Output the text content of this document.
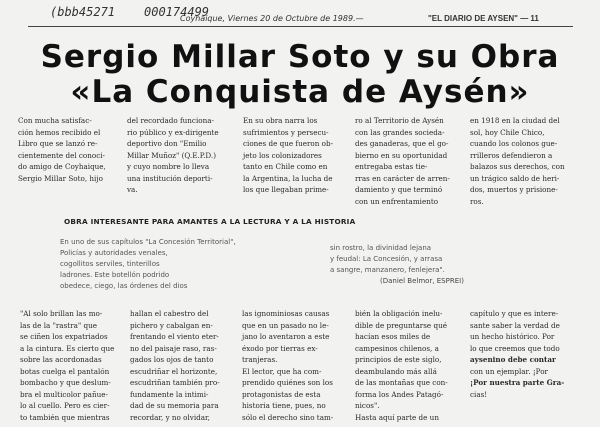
(bbb45271 000174499
Coyhaique, Viernes 20 de Octubre de 1989.—	"EL DIARIO DE AYSEN" — 11
Sergio Millar Soto y su Obra
«La Conquista de Aysén»

Con mucha satisfac-

ción hemos recibido el

Libro que se lanzó re-

cientemente del conoci-

do amigo de Coyhaique,

Sergio Millar Soto, hijo

del recordado funciona-

rio público y ex-dirigente

deportivo don "Emilio

Millar Muñoz" (Q.E.P.D.)

y cuyo nombre lo lleva

una institución deporti-

va.

En su obra narra los

sufrimientos y persecu-

ciones de que fueron ob-

jeto los colonizadores

tanto en Chile como en

la Argentina, la lucha de

los que llegaban prime-

ro al Territorio de Aysén

con las grandes socieda-

des ganaderas, que el go-

bierno en su oportunidad

entregaba estas tie-

rras en carácter de arren-

damiento y que terminó

con un enfrentamiento

en 1918 en la ciudad del

sol, hoy Chile Chico,

cuando los colonos gue-

rrilleros defendieron a

balazos sus derechos, con

un trágico saldo de heri-

dos, muertos y prisione-

ros.

OBRA INTERESANTE PARA AMANTES A LA LECTURA Y A LA HISTORIA

En uno de sus capítulos "La Concesión Territorial",

Policías y autoridades venales,

cogollitos serviles, tinterillos

ladrones. Este botellón podrido

obedece, ciego, las órdenes del dios

sin rostro, la divinidad lejana

y feudal: La Concesión, y arrasa

a sangre, manzanero, fenlejera".

(Daniel Belmor, ESPREI)

"Al solo brillan las mo-

las de la "rastra" que

se ciñen los expatriados

a la cintura. Es cierto que

sobre las acordonadas

botas cuelga el pantalón

bombacho y que deslum-

bra el multicolor pañue-

lo al cuello. Pero es cier-

to también que mientras

hallan el cabestro del

pichero y cabalgan en-

frentando el viento eter-

no del paisaje raso, ras-

gados los ojos de tanto

escudriñar el horizonte,

escudriñan también pro-

fundamente la intimi-

dad de su memoria para

recordar, y no olvidar,

las ignominiosas causas

que en un pasado no le-

jano lo aventaron a este

éxodo por tierras ex-

tranjeras.

El lector, que ha com-

prendido quiénes son los

protagonistas de esta

historia tiene, pues, no

sólo el derecho sino tam-

bién la obligación inelu-

dible de preguntarse qué

hacían esos miles de

campesinos chilenos, a

principios de este siglo,

deambulando más allá

de las montañas que con-

forma los Andes Patagó-

nicos".

Hasta aquí parte de un

capítulo y que es intere-

sante saber la verdad de

un hecho histórico. Por

lo que creemos que todo

aysenino debe contar

con un ejemplar. ¡Por

¡Por nuestra parte Gra-

cias!
